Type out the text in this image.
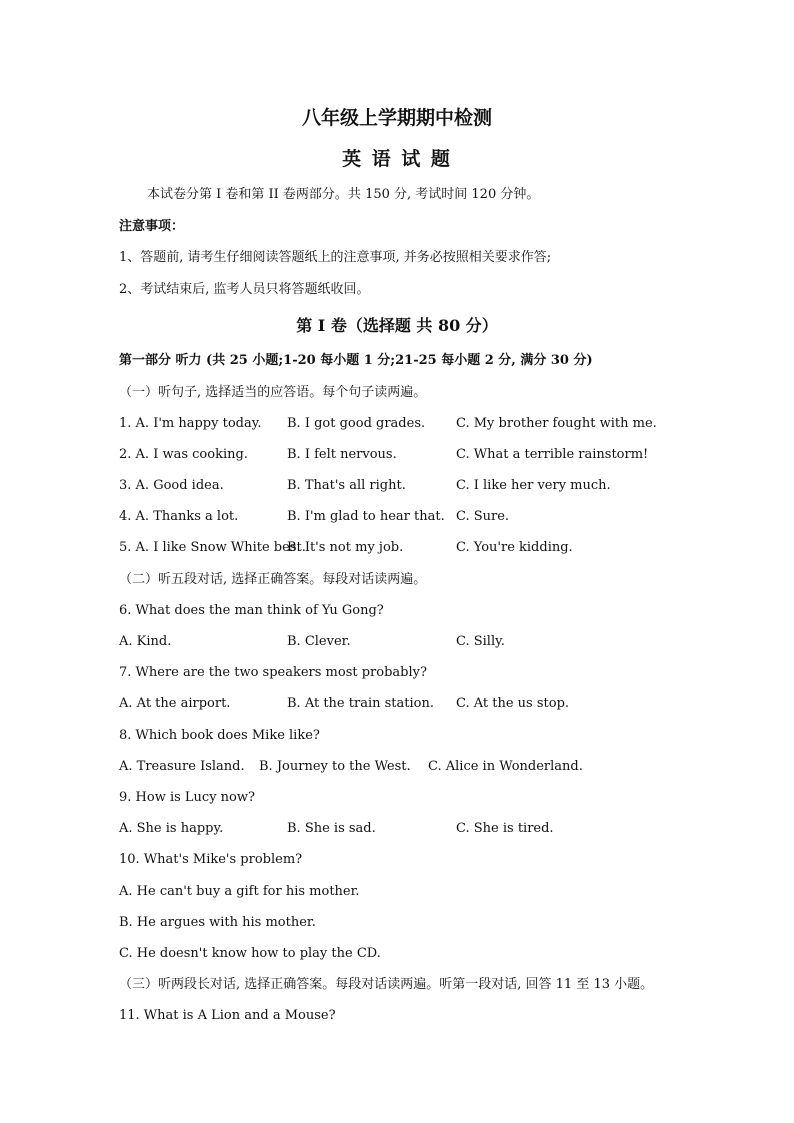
八年级上学期期中检测
英 语 试 题
本试卷分第 I 卷和第 II 卷两部分。共 150 分, 考试时间 120 分钟。
注意事项：
1、答题前, 请考生仔细阅读答题纸上的注意事项, 并务必按照相关要求作答;
2、考试结束后, 监考人员只将答题纸收回。
第 I 卷（选择题 共 80 分）
第一部分 听力 (共 25 小题;1-20 每小题 1 分;21-25 每小题 2 分, 满分 30 分)
（一）听句子, 选择适当的应答语。每个句子读两遍。
1. A. I'm happy today. B. I got good grades. C. My brother fought with me.
2. A. I was cooking.	B. I felt nervous.	C. What a terrible rainstorm!
3. A. Good idea.	B. That's all right.	C. I like her very much.
4. A. Thanks a lot.	B. I'm glad to hear that. C. Sure.
5. A. I like Snow White best.
B. It's not my job.	C. You're kidding.
（二）听五段对话, 选择正确答案。每段对话读两遍。
6. What does the man think of Yu Gong?
A. Kind.	B. Clever.	C. Silly.
7. Where are the two speakers most probably?
A. At the airport.	B. At the train station. C. At the us stop.
8. Which book does Mike like?
A. Treasure Island. B. Journey to the West. C. Alice in Wonderland.
9. How is Lucy now?
A. She is happy.	B. She is sad.	C. She is tired.
10. What's Mike's problem?
A. He can't buy a gift for his mother.
B. He argues with his mother.
C. He doesn't know how to play the CD.
（三）听两段长对话, 选择正确答案。每段对话读两遍。听第一段对话, 回答 11 至 13 小题。
11. What is A Lion and a Mouse?
